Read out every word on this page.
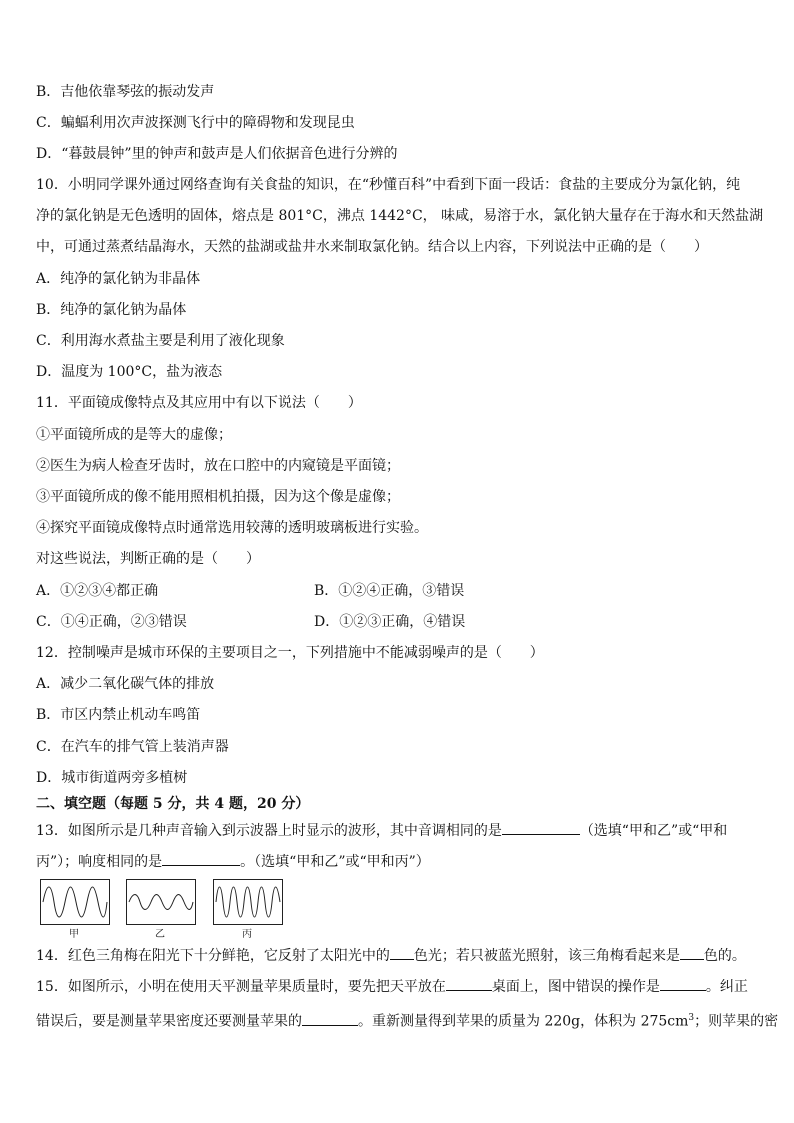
B．吉他依靠琴弦的振动发声
C．蝙蝠利用次声波探测飞行中的障碍物和发现昆虫
D．“暮鼓晨钟”里的钟声和鼓声是人们依据音色进行分辨的
10．小明同学课外通过网络查询有关食盐的知识，在“秒懂百科”中看到下面一段话：食盐的主要成分为氯化钠，纯
净的氯化钠是无色透明的固体，熔点是 801°C，沸点 1442°C， 味咸，易溶于水，氯化钠大量存在于海水和天然盐湖
中，可通过蒸煮结晶海水，天然的盐湖或盐井水来制取氯化钠。结合以上内容，下列说法中正确的是（　　）
A．纯净的氯化钠为非晶体
B．纯净的氯化钠为晶体
C．利用海水煮盐主要是利用了液化现象
D．温度为 100°C，盐为液态
11．平面镜成像特点及其应用中有以下说法（　　）
①平面镜所成的是等大的虚像；
②医生为病人检查牙齿时，放在口腔中的内窥镜是平面镜；
③平面镜所成的像不能用照相机拍摄，因为这个像是虚像；
④探究平面镜成像特点时通常选用较薄的透明玻璃板进行实验。
对这些说法，判断正确的是（　　）
A．①②③④都正确	B．①②④正确，③错误
C．①④正确，②③错误	D．①②③正确，④错误
12．控制噪声是城市环保的主要项目之一，下列措施中不能减弱噪声的是（　　）
A．减少二氧化碳气体的排放
B．市区内禁止机动车鸣笛
C．在汽车的排气管上装消声器
D．城市街道两旁多植树
二、填空题（每题 5 分，共 4 题，20 分）
13．如图所示是几种声音输入到示波器上时显示的波形，其中音调相同的是	（选填“甲和乙”或“甲和
丙”）；响度相同的是	。（选填“甲和乙”或“甲和丙”）
甲	乙	丙
14．红色三角梅在阳光下十分鲜艳，它反射了太阳光中的 色光；若只被蓝光照射，该三角梅看起来是 色的。
15．如图所示，小明在使用天平测量苹果质量时，要先把天平放在	桌面上，图中错误的操作是	。纠正
错误后，要是测量苹果密度还要测量苹果的	。重新测量得到苹果的质量为 220g，体积为 $275cm^3$；则苹果的密
